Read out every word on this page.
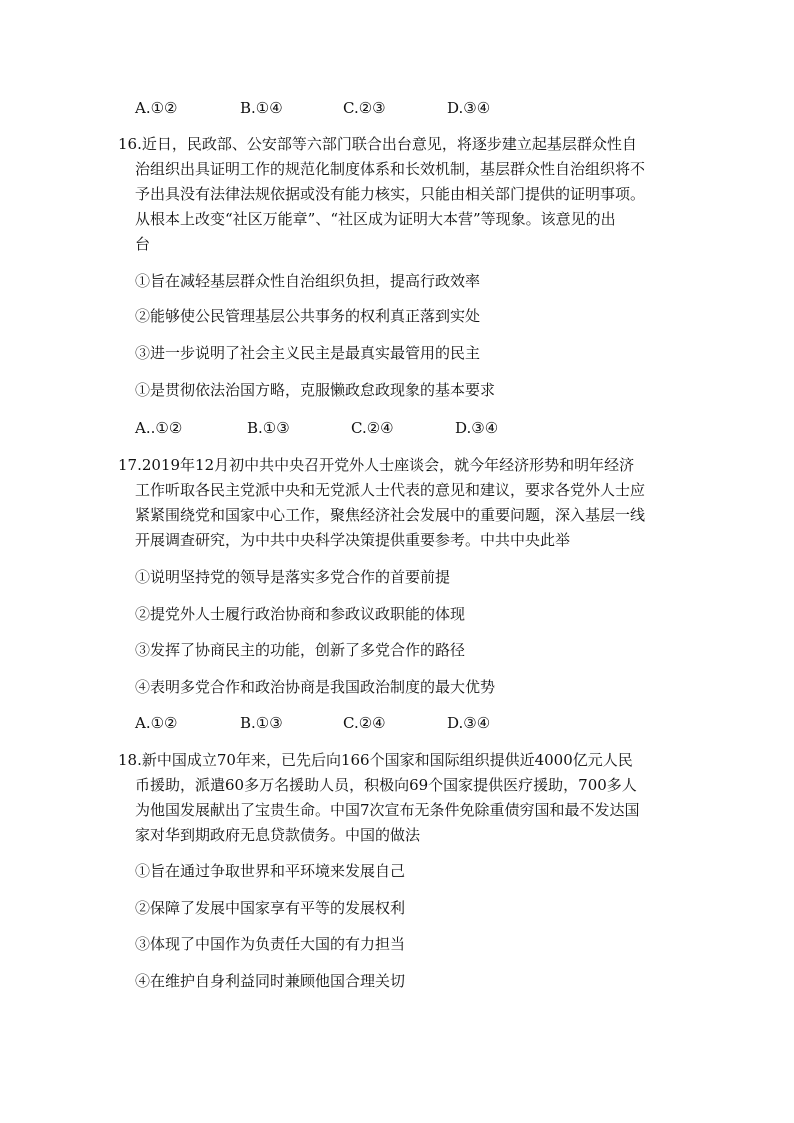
A.①②	B.①④	C.②③	D.③④
16.近日，民政部、公安部等六部门联合出台意见，将逐步建立起基层群众性自
治组织出具证明工作的规范化制度体系和长效机制，基层群众性自治组织将不
予出具没有法律法规依据或没有能力核实，只能由相关部门提供的证明事项。
从根本上改变“社区万能章”、“社区成为证明大本营”等现象。该意见的出
台
①旨在减轻基层群众性自治组织负担，提高行政效率
②能够使公民管理基层公共事务的权利真正落到实处
③进一步说明了社会主义民主是最真实最管用的民主
①是贯彻依法治国方略，克服懒政怠政现象的基本要求
A..①②	B.①③	C.②④	D.③④
17.2019年12月初中共中央召开党外人士座谈会，就今年经济形势和明年经济
工作听取各民主党派中央和无党派人士代表的意见和建议，要求各党外人士应
紧紧围绕党和国家中心工作，聚焦经济社会发展中的重要问题，深入基层一线
开展调查研究，为中共中央科学决策提供重要参考。中共中央此举
①说明坚持党的领导是落实多党合作的首要前提
②提党外人士履行政治协商和参政议政职能的体现
③发挥了协商民主的功能，创新了多党合作的路径
④表明多党合作和政治协商是我国政治制度的最大优势
A.①②	B.①③	C.②④	D.③④
18.新中国成立70年来，已先后向166个国家和国际组织提供近4000亿元人民
币援助，派遣60多万名援助人员，积极向69个国家提供医疗援助，700多人
为他国发展献出了宝贵生命。中国7次宣布无条件免除重债穷国和最不发达国
家对华到期政府无息贷款债务。中国的做法
①旨在通过争取世界和平环境来发展自己
②保障了发展中国家享有平等的发展权利
③体现了中国作为负责任大国的有力担当
④在维护自身利益同时兼顾他国合理关切
